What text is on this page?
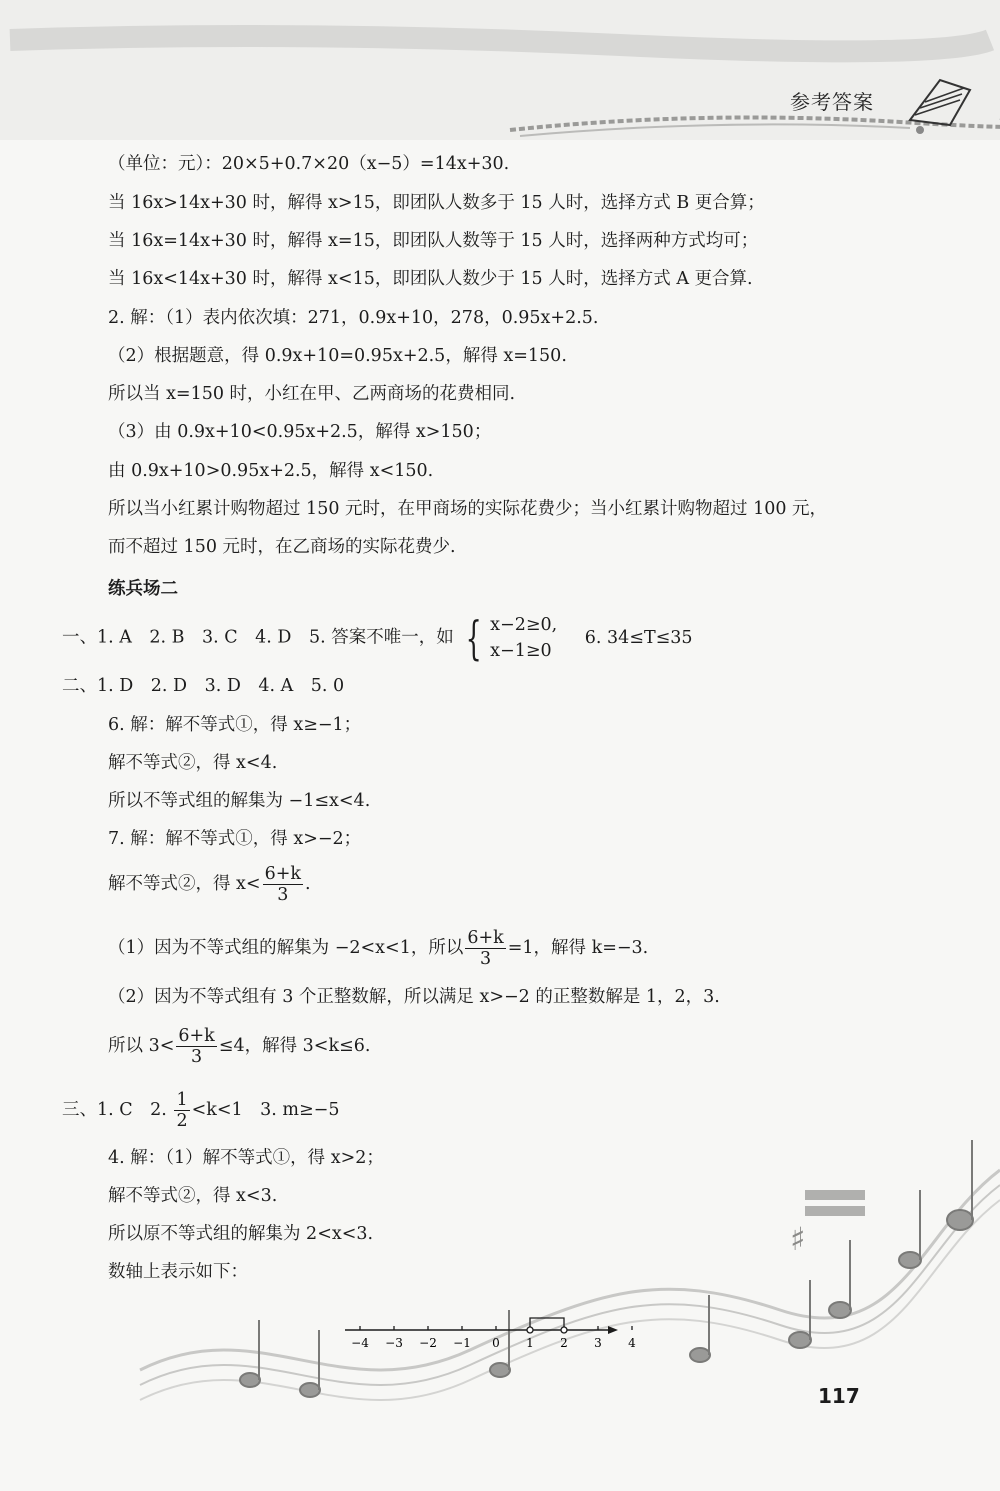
参考答案
（单位：元）：20×5+0.7×20（x−5）=14x+30.
当 16x>14x+30 时，解得 x>15，即团队人数多于 15 人时，选择方式 B 更合算；
当 16x=14x+30 时，解得 x=15，即团队人数等于 15 人时，选择两种方式均可；
当 16x<14x+30 时，解得 x<15，即团队人数少于 15 人时，选择方式 A 更合算.
2. 解：（1）表内依次填：271，0.9x+10，278，0.95x+2.5.
（2）根据题意，得 0.9x+10=0.95x+2.5，解得 x=150.
所以当 x=150 时，小红在甲、乙两商场的花费相同.
（3）由 0.9x+10<0.95x+2.5，解得 x>150；
由 0.9x+10>0.95x+2.5，解得 x<150.
所以当小红累计购物超过 150 元时，在甲商场的实际花费少；当小红累计购物超过 100 元，
而不超过 150 元时，在乙商场的实际花费少.
练兵场二
一、1. A　2. B　3. C　4. D　5. 答案不唯一，如 { x−2≥0,
x−1≥0
6. 34≤T≤35
二、1. D　2. D　3. D　4. A　5. 0
6. 解：解不等式①，得 x≥−1；
解不等式②，得 x<4.
所以不等式组的解集为 −1≤x<4.
7. 解：解不等式①，得 x>−2；
解不等式②，得 $x< \frac{6+k}{3}$ .
（1）因为不等式组的解集为 −2<x<1，所以 $\frac{6+k}{3} =1$，解得 k=−3.
（2）因为不等式组有 3 个正整数解，所以满足 x>−2 的正整数解是 1，2，3.
所以 $3< \frac{6+k}{3} \le 4$，解得 3<k≤6.
三、1. C　2. $\frac{1}{2} <k<1$　3. m≥−5
4. 解：（1）解不等式①，得 x>2；
解不等式②，得 x<3.
所以原不等式组的解集为 2<x<3.
数轴上表示如下：
♯
−4 −3 −2 −1 0 1 2 3 4
117
